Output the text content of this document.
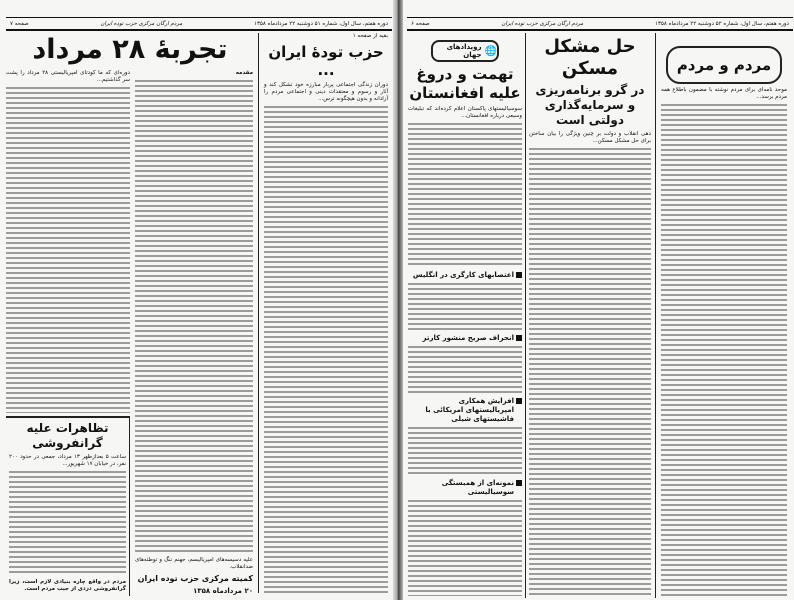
دوره هفتم، سال اول، شماره ۵۱ دوشنبه ۲۲ مردادماه ۱۳۵۸
مردم ارگان مرکزی حزب توده ایران
صفحه ۷
تجربهٔ ۲۸ مرداد
دوره‌ای که ما کودتای امپریالیستی ۲۸ مرداد را پشت سر گذاشتیم...
تظاهرات علیه گرانفروشی
ساعت ۵ بعدازظهر ۱۳ مرداد، جمعی در حدود ۲۰۰ نفر، در خیابان ۱۷ شهریور...
مردم در واقع چاره بنیادی لازم است، زیرا گرانفروشی دزدی از جیب مردم است.
مقدمه
علیه دسیسه‌های امپریالیسم، جهنم ننگ و توطئه‌های ضدانقلاب.
کمیته مرکزی حزب توده ایران
۲۰ مردادماه ۱۳۵۸
بقیه از صفحه ۱
حزب تودهٔ ایران ...
دوران زندگی اجتماعی پربار مبارزه خود تشکل کند و آثار و رسوم و معتقدات دینی و اجتماعی مردم را آزادانه و بدون هیچگونه ترس...
دوره هفتم، سال اول، شماره ۵۲ دوشنبه ۲۲ مردادماه ۱۳۵۸
مردم ارگان مرکزی حزب توده ایران
صفحه ۶
🌐
رویدادهای جهان
تهمت و دروغ علیه افغانستان
سوسیالیستهای پاکستان اعلام کرده‌اند که تبلیغات وسیعی درباره افغانستان...
اعتصابهای کارگری در انگلیس
انحراف صریح منشور کارتر
افزایش همکاری امپریالیستهای امریکائی با فاشیستهای شیلی
نمونه‌ای از همبستگی سوسیالیستی
حل مشکل مسکن
در گرو برنامه‌ریزی و سرمایه‌گذاری دولتی است
دهی انقلاب و دولت بر چنین ویژگی را بیان ساختن برای حل مشکل مسکن...
مردم و مردم
موحد نامه‌ای برای مردم نوشته با مضمون باطلاع همه مردم برسد...
